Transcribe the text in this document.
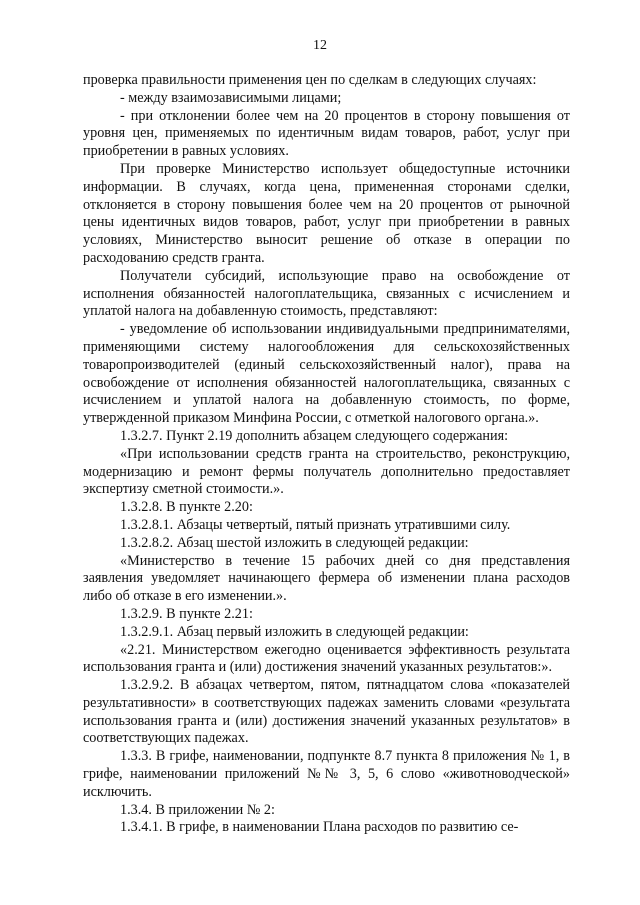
12

проверка правильности применения цен по сделкам в следующих случаях:

- между взаимозависимыми лицами;

- при отклонении более чем на 20 процентов в сторону повышения от уровня цен, применяемых по идентичным видам товаров, работ, услуг при приобретении в равных условиях.

При проверке Министерство использует общедоступные источники информации. В случаях, когда цена, примененная сторонами сделки, отклоняется в сторону повышения более чем на 20 процентов от рыночной цены идентичных видов товаров, работ, услуг при приобретении в равных условиях, Министерство выносит решение об отказе в операции по расходованию средств гранта.

Получатели субсидий, использующие право на освобождение от исполнения обязанностей налогоплательщика, связанных с исчислением и уплатой налога на добавленную стоимость, представляют:

- уведомление об использовании индивидуальными предпринимателями, применяющими систему налогообложения для сельскохозяйственных товаропроизводителей (единый сельскохозяйственный налог), права на освобождение от исполнения обязанностей налогоплательщика, связанных с исчислением и уплатой налога на добавленную стоимость, по форме, утвержденной приказом Минфина России, с отметкой налогового органа.».

1.3.2.7. Пункт 2.19 дополнить абзацем следующего содержания:

«При использовании средств гранта на строительство, реконструкцию, модернизацию и ремонт фермы получатель дополнительно предоставляет экспертизу сметной стоимости.».

1.3.2.8. В пункте 2.20:

1.3.2.8.1. Абзацы четвертый, пятый признать утратившими силу.

1.3.2.8.2. Абзац шестой изложить в следующей редакции:

«Министерство в течение 15 рабочих дней со дня представления заявления уведомляет начинающего фермера об изменении плана расходов либо об отказе в его изменении.».

1.3.2.9. В пункте 2.21:

1.3.2.9.1. Абзац первый изложить в следующей редакции:

«2.21. Министерством ежегодно оценивается эффективность результата использования гранта и (или) достижения значений указанных результатов:».

1.3.2.9.2. В абзацах четвертом, пятом, пятнадцатом слова «показателей результативности» в соответствующих падежах заменить словами «результата использования гранта и (или) достижения значений указанных результатов» в соответствующих падежах.

1.3.3. В грифе, наименовании, подпункте 8.7 пункта 8 приложения № 1, в грифе, наименовании приложений №№ 3, 5, 6 слово «животноводческой» исключить.

1.3.4. В приложении № 2:

1.3.4.1. В грифе, в наименовании Плана расходов по развитию се-
